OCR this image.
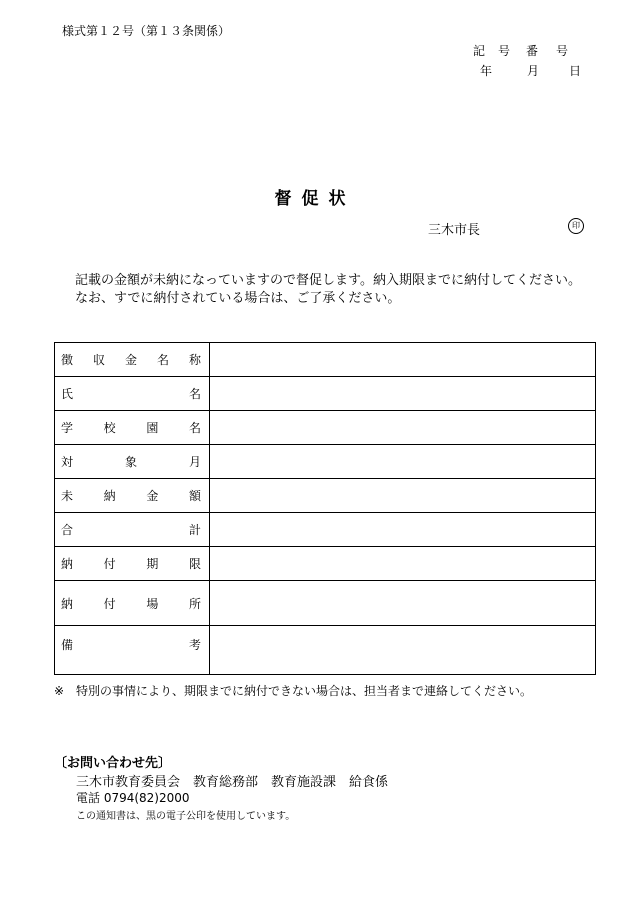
様式第１２号（第１３条関係）
記 号 番 号
年	月 日
督促状
三木市長	印

記載の金額が未納になっていますので督促します。納入期限までに納付してください。

なお、すでに納付されている場合は、ご了承ください。

徴 収 金 名 称	

氏 名	

学 校 園 名	

対 象 月	

未 納 金 額	

合 計	

納 付 期 限	

納 付 場 所	

備 考	

※　特別の事情により、期限までに納付できない場合は、担当者まで連絡してください。
〔お問い合わせ先〕
三木市教育委員会　教育総務部　教育施設課　給食係
電話 0794(82)2000
この通知書は、黒の電子公印を使用しています。
